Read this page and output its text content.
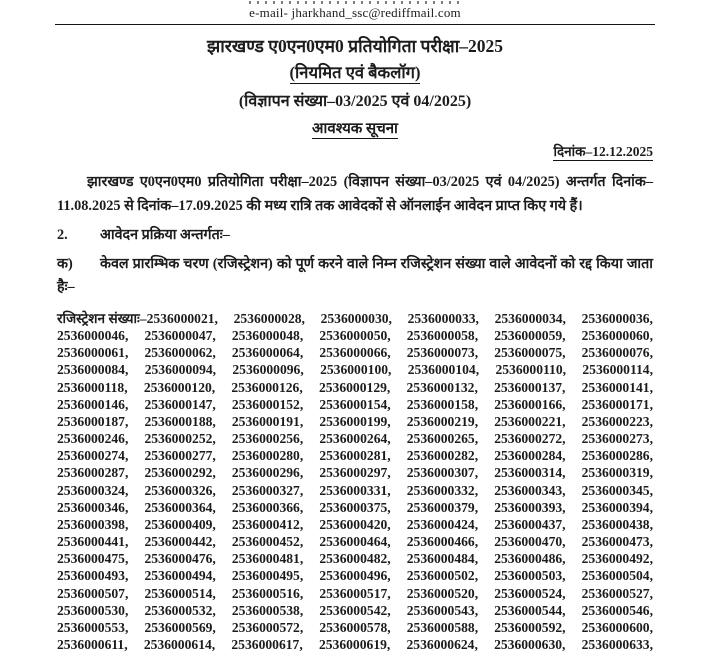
e-mail- jharkhand_ssc@rediffmail.com
झारखण्ड ए0एन0एम0 प्रतियोगिता परीक्षा–2025
(नियमित एवं बैकलॉग)
(विज्ञापन संख्या–03/2025 एवं 04/2025)
आवश्यक सूचना
दिनांक–12.12.2025
झारखण्ड ए0एन0एम0 प्रतियोगिता परीक्षा–2025 (विज्ञापन संख्या–03/2025 एवं 04/2025) अन्तर्गत दिनांक–11.08.2025 से दिनांक–17.09.2025 की मध्य रात्रि तक आवेदकों से ऑनलाईन आवेदन प्राप्त किए गये हैं।
2. आवेदन प्रक्रिया अन्तर्गतः–
क) केवल प्रारम्भिक चरण (रजिस्ट्रेशन) को पूर्ण करने वाले निम्न रजिस्ट्रेशन संख्या वाले आवेदनों को रद्द किया जाता हैः–
रजिस्ट्रेशन संख्याः–2536000021, 2536000028, 2536000030, 2536000033, 2536000034, 2536000036,
2536000046, 2536000047, 2536000048, 2536000050, 2536000058, 2536000059, 2536000060,
2536000061, 2536000062, 2536000064, 2536000066, 2536000073, 2536000075, 2536000076,
2536000084, 2536000094, 2536000096, 2536000100, 2536000104, 2536000110, 2536000114,
2536000118, 2536000120, 2536000126, 2536000129, 2536000132, 2536000137, 2536000141,
2536000146, 2536000147, 2536000152, 2536000154, 2536000158, 2536000166, 2536000171,
2536000187, 2536000188, 2536000191, 2536000199, 2536000219, 2536000221, 2536000223,
2536000246, 2536000252, 2536000256, 2536000264, 2536000265, 2536000272, 2536000273,
2536000274, 2536000277, 2536000280, 2536000281, 2536000282, 2536000284, 2536000286,
2536000287, 2536000292, 2536000296, 2536000297, 2536000307, 2536000314, 2536000319,
2536000324, 2536000326, 2536000327, 2536000331, 2536000332, 2536000343, 2536000345,
2536000346, 2536000364, 2536000366, 2536000375, 2536000379, 2536000393, 2536000394,
2536000398, 2536000409, 2536000412, 2536000420, 2536000424, 2536000437, 2536000438,
2536000441, 2536000442, 2536000452, 2536000464, 2536000466, 2536000470, 2536000473,
2536000475, 2536000476, 2536000481, 2536000482, 2536000484, 2536000486, 2536000492,
2536000493, 2536000494, 2536000495, 2536000496, 2536000502, 2536000503, 2536000504,
2536000507, 2536000514, 2536000516, 2536000517, 2536000520, 2536000524, 2536000527,
2536000530, 2536000532, 2536000538, 2536000542, 2536000543, 2536000544, 2536000546,
2536000553, 2536000569, 2536000572, 2536000578, 2536000588, 2536000592, 2536000600,
2536000611, 2536000614, 2536000617, 2536000619, 2536000624, 2536000630, 2536000633,
